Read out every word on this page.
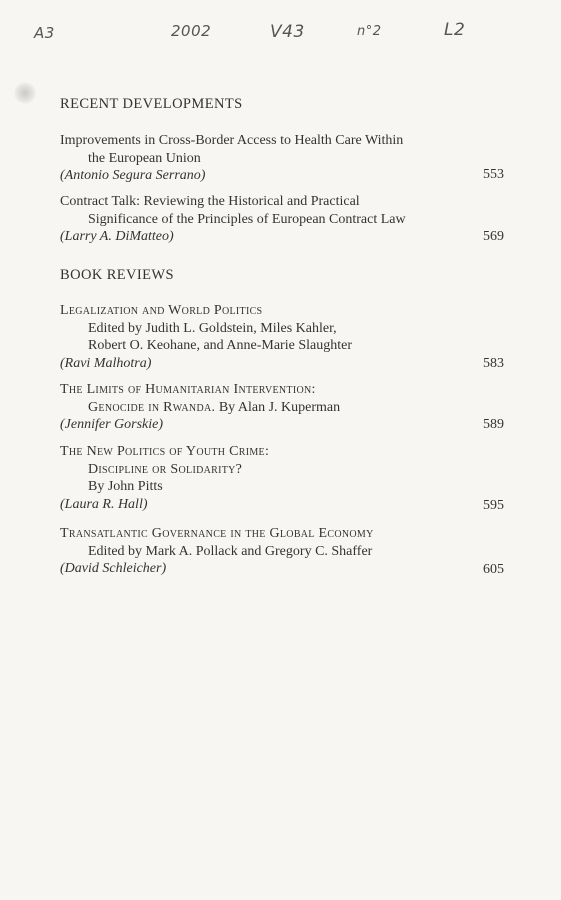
A3	2002	V43	n°2	L2
RECENT DEVELOPMENTS
Improvements in Cross-Border Access to Health Care Within
the European Union
(Antonio Segura Serrano)	553
Contract Talk: Reviewing the Historical and Practical
Significance of the Principles of European Contract Law
(Larry A. DiMatteo)	569
BOOK REVIEWS
Legalization and World Politics
Edited by Judith L. Goldstein, Miles Kahler,
Robert O. Keohane, and Anne-Marie Slaughter
(Ravi Malhotra)	583
The Limits of Humanitarian Intervention:
Genocide in Rwanda. By Alan J. Kuperman
(Jennifer Gorskie)	589
The New Politics of Youth Crime:
Discipline or Solidarity?
By John Pitts
(Laura R. Hall)	595
Transatlantic Governance in the Global Economy
Edited by Mark A. Pollack and Gregory C. Shaffer
(David Schleicher)	605
